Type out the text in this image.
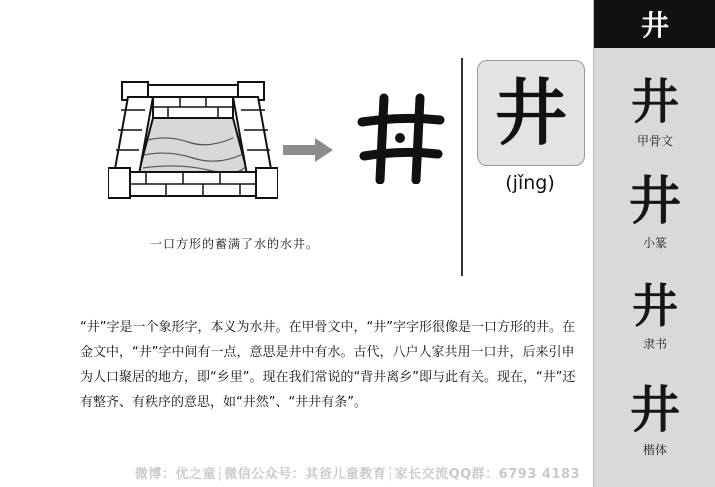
一口方形的蓄满了水的水井。
井
(jǐng)
“井”字是一个象形字，本义为水井。在甲骨文中，“井”字字形很像是一口方形的井。在金文中，“井”字中间有一点，意思是井中有水。古代，八户人家共用一口井，后来引申为人口聚居的地方，即“乡里”。现在我们常说的“背井离乡”即与此有关。现在，“井”还有整齐、有秩序的意思，如“井然”、“井井有条”。
井
井
甲骨文
井
小篆
井
隶书
井
楷体
微博：优之童┆微信公众号：其爸儿童教育┆家长交流QQ群：6793 4183
